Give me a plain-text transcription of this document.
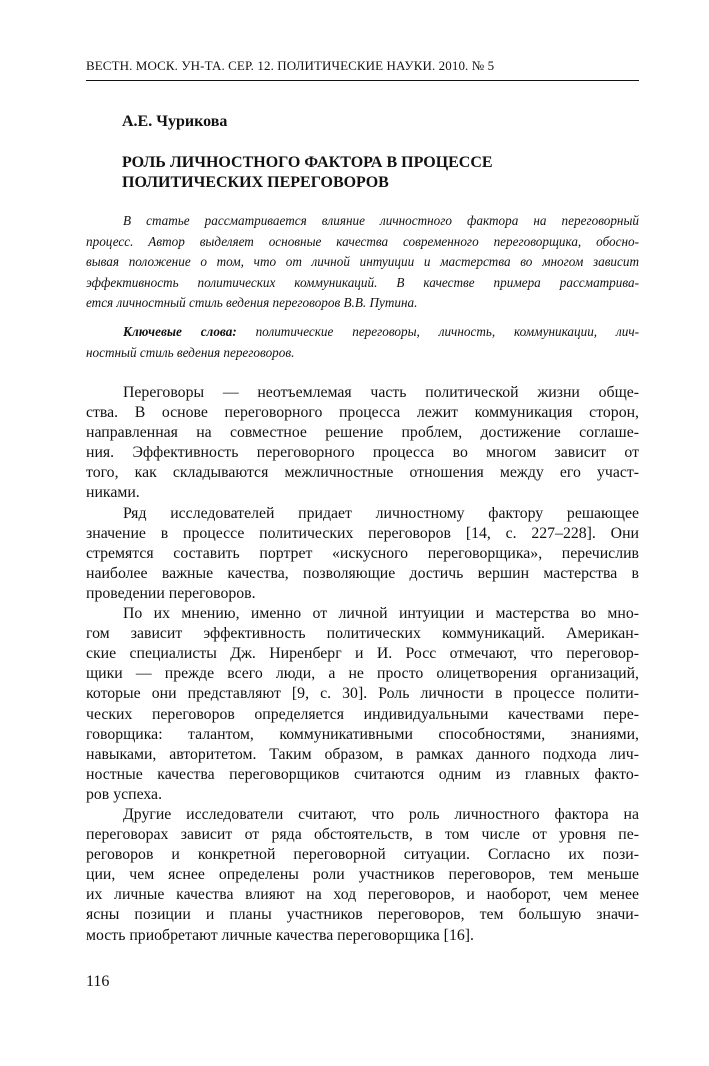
ВЕСТН. МОСК. УН-ТА. СЕР. 12. ПОЛИТИЧЕСКИЕ НАУКИ. 2010. № 5
А.Е. Чурикова
РОЛЬ ЛИЧНОСТНОГО ФАКТОРА В ПРОЦЕССЕ
ПОЛИТИЧЕСКИХ ПЕРЕГОВОРОВ
В статье рассматривается влияние личностного фактора на переговорный
процесс. Автор выделяет основные качества современного переговорщика, обосно-
вывая положение о том, что от личной интуиции и мастерства во многом зависит
эффективность политических коммуникаций. В качестве примера рассматрива-
ется личностный стиль ведения переговоров В.В. Путина.
Ключевые слова: политические переговоры, личность, коммуникации, лич-
ностный стиль ведения переговоров.
Переговоры — неотъемлемая часть политической жизни обще-
ства. В основе переговорного процесса лежит коммуникация сторон,
направленная на совместное решение проблем, достижение соглаше-
ния. Эффективность переговорного процесса во многом зависит от
того, как складываются межличностные отношения между его участ-
никами.
Ряд исследователей придает личностному фактору решающее
значение в процессе политических переговоров [14, с. 227–228]. Они
стремятся составить портрет «искусного переговорщика», перечислив
наиболее важные качества, позволяющие достичь вершин мастерства в
проведении переговоров.
По их мнению, именно от личной интуиции и мастерства во мно-
гом зависит эффективность политических коммуникаций. Американ-
ские специалисты Дж. Ниренберг и И. Росс отмечают, что переговор-
щики — прежде всего люди, а не просто олицетворения организаций,
которые они представляют [9, с. 30]. Роль личности в процессе полити-
ческих переговоров определяется индивидуальными качествами пере-
говорщика: талантом, коммуникативными способностями, знаниями,
навыками, авторитетом. Таким образом, в рамках данного подхода лич-
ностные качества переговорщиков считаются одним из главных факто-
ров успеха.
Другие исследователи считают, что роль личностного фактора на
переговорах зависит от ряда обстоятельств, в том числе от уровня пе-
реговоров и конкретной переговорной ситуации. Согласно их пози-
ции, чем яснее определены роли участников переговоров, тем меньше
их личные качества влияют на ход переговоров, и наоборот, чем менее
ясны позиции и планы участников переговоров, тем большую значи-
мость приобретают личные качества переговорщика [16].
116
